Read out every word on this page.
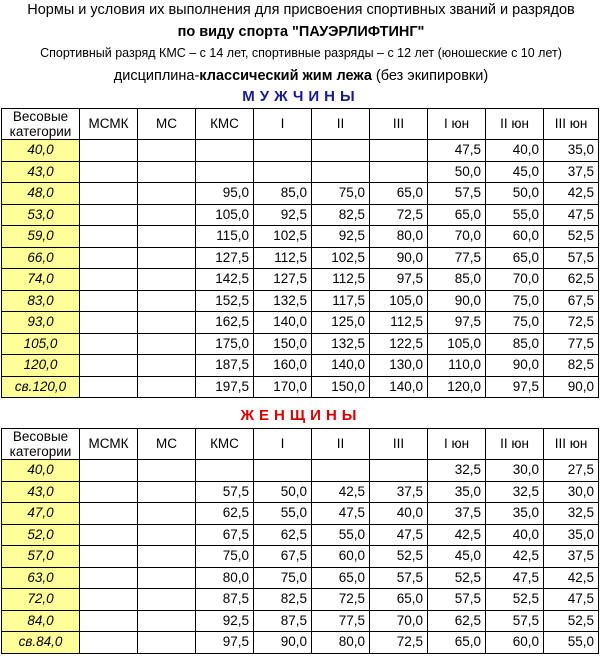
Нормы и условия их выполнения для присвоения спортивных званий и разрядов
по виду спорта "ПАУЭРЛИФТИНГ"
Спортивный разряд КМС – с 14 лет, спортивные разряды – с 12 лет (юношеские с 10 лет)
дисциплина-классический жим лежа (без экипировки)
МУЖЧИНЫ
Весовые
категории	МСМК	МС	КМС	I	II	III	I юн	II юн	III юн
40,0							47,5	40,0	35,0
43,0							50,0	45,0	37,5
48,0			95,0	85,0	75,0	65,0	57,5	50,0	42,5
53,0			105,0	92,5	82,5	72,5	65,0	55,0	47,5
59,0			115,0	102,5	92,5	80,0	70,0	60,0	52,5
66,0			127,5	112,5	102,5	90,0	77,5	65,0	57,5
74,0			142,5	127,5	112,5	97,5	85,0	70,0	62,5
83,0			152,5	132,5	117,5	105,0	90,0	75,0	67,5
93,0			162,5	140,0	125,0	112,5	97,5	75,0	72,5
105,0			175,0	150,0	132,5	122,5	105,0	85,0	77,5
120,0			187,5	160,0	140,0	130,0	110,0	90,0	82,5
св.120,0			197,5	170,0	150,0	140,0	120,0	97,5	90,0
ЖЕНЩИНЫ
Весовые
категории	МСМК	МС	КМС	I	II	III	I юн	II юн	III юн
40,0							32,5	30,0	27,5
43,0			57,5	50,0	42,5	37,5	35,0	32,5	30,0
47,0			62,5	55,0	47,5	40,0	37,5	35,0	32,5
52,0			67,5	62,5	55,0	47,5	42,5	40,0	35,0
57,0			75,0	67,5	60,0	52,5	45,0	42,5	37,5
63,0			80,0	75,0	65,0	57,5	52,5	47,5	42,5
72,0			87,5	82,5	72,5	65,0	57,5	52,5	47,5
84,0			92,5	87,5	77,5	70,0	62,5	57,5	52,5
св.84,0			97,5	90,0	80,0	72,5	65,0	60,0	55,0
